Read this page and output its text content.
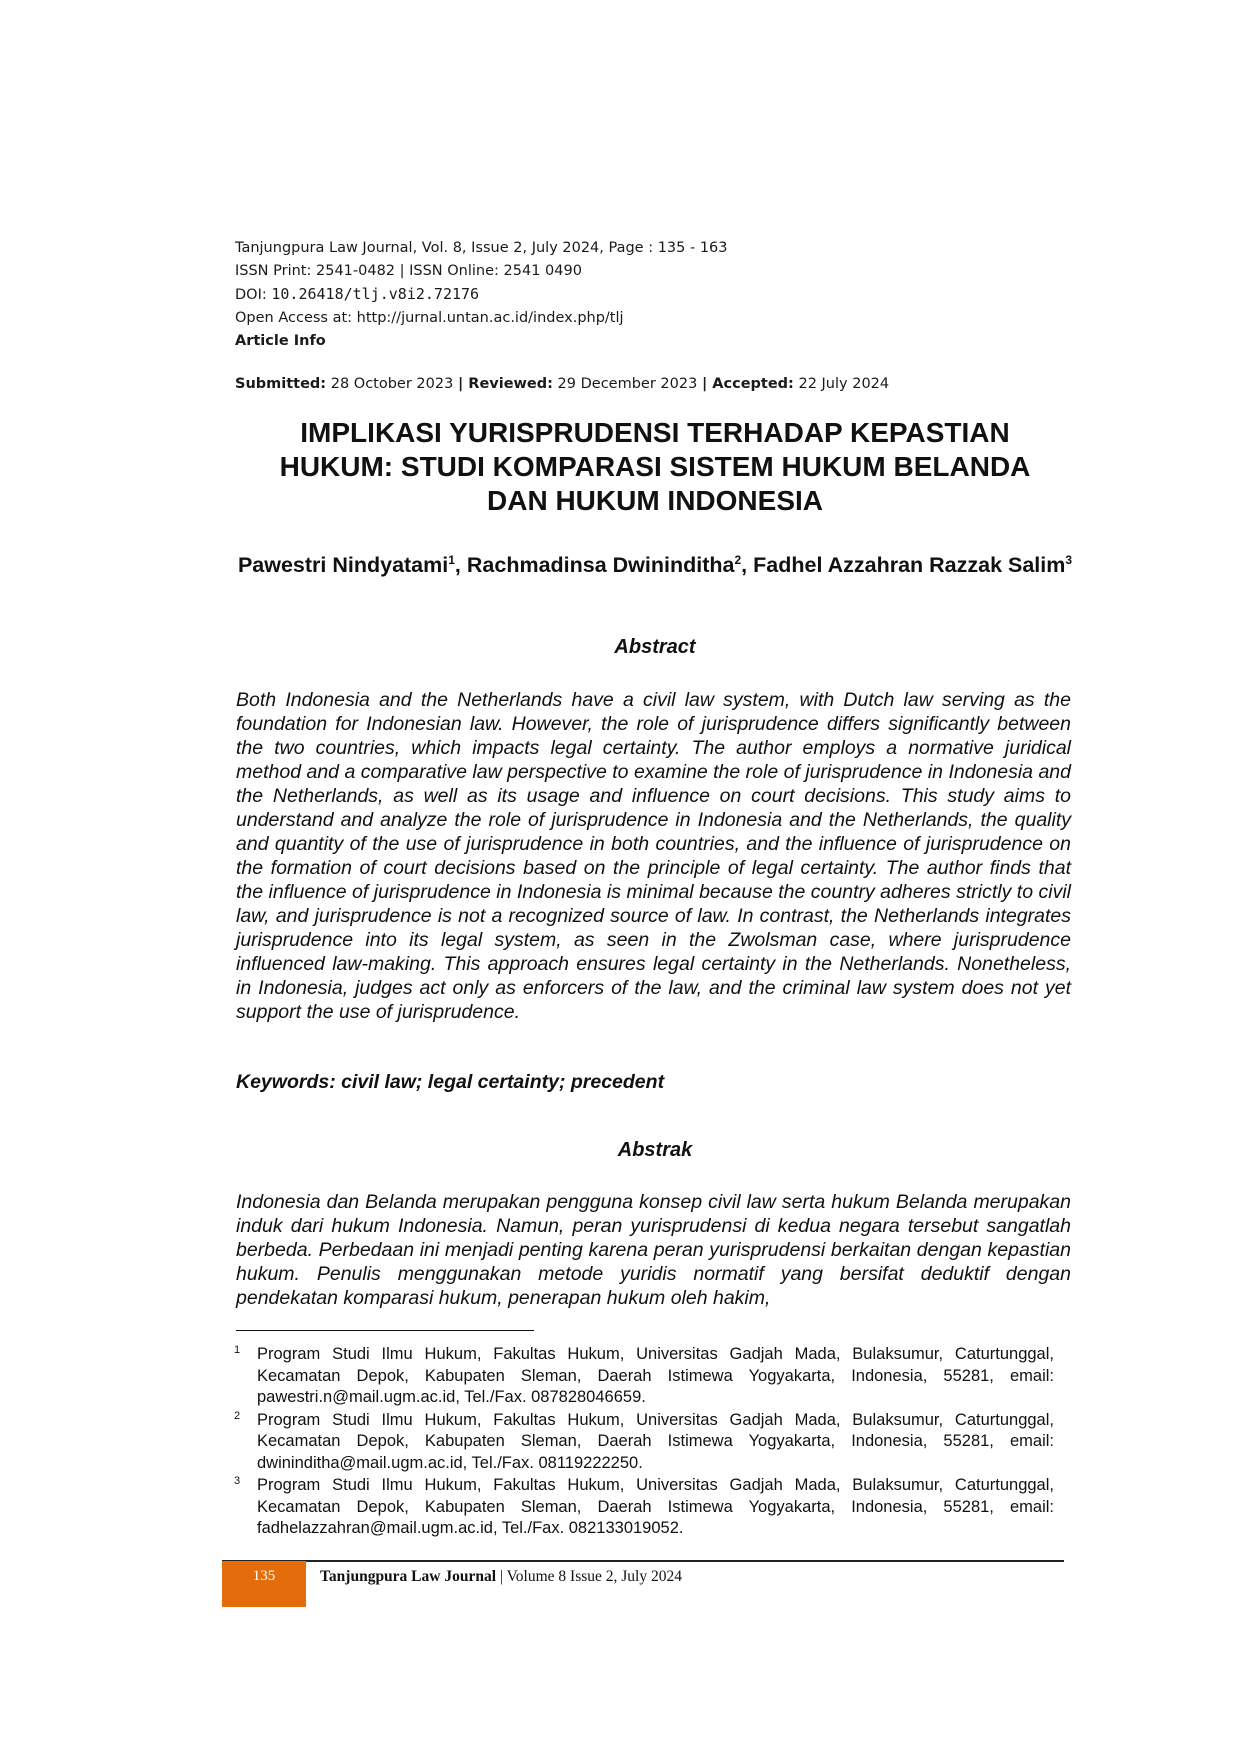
Tanjungpura Law Journal, Vol. 8, Issue 2, July 2024, Page : 135 - 163
ISSN Print: 2541-0482 | ISSN Online: 2541 0490
DOI: 10.26418/tlj.v8i2.72176
Open Access at: http://jurnal.untan.ac.id/index.php/tlj
Article Info
Submitted: 28 October 2023 | Reviewed: 29 December 2023 | Accepted: 22 July 2024
IMPLIKASI YURISPRUDENSI TERHADAP KEPASTIAN
HUKUM: STUDI KOMPARASI SISTEM HUKUM BELANDA
DAN HUKUM INDONESIA
Pawestri Nindyatami$^1$, Rachmadinsa Dwininditha$^2$, Fadhel Azzahran Razzak Salim$^3$
Abstract
Both Indonesia and the Netherlands have a civil law system, with Dutch law serving as the foundation for Indonesian law. However, the role of jurisprudence differs significantly between the two countries, which impacts legal certainty. The author employs a normative juridical method and a comparative law perspective to examine the role of jurisprudence in Indonesia and the Netherlands, as well as its usage and influence on court decisions. This study aims to understand and analyze the role of jurisprudence in Indonesia and the Netherlands, the quality and quantity of the use of jurisprudence in both countries, and the influence of jurisprudence on the formation of court decisions based on the principle of legal certainty. The author finds that the influence of jurisprudence in Indonesia is minimal because the country adheres strictly to civil law, and jurisprudence is not a recognized source of law. In contrast, the Netherlands integrates jurisprudence into its legal system, as seen in the Zwolsman case, where jurisprudence influenced law-making. This approach ensures legal certainty in the Netherlands. Nonetheless, in Indonesia, judges act only as enforcers of the law, and the criminal law system does not yet support the use of jurisprudence.
Keywords: civil law; legal certainty; precedent
Abstrak
Indonesia dan Belanda merupakan pengguna konsep civil law serta hukum Belanda merupakan induk dari hukum Indonesia. Namun, peran yurisprudensi di kedua negara tersebut sangatlah berbeda. Perbedaan ini menjadi penting karena peran yurisprudensi berkaitan dengan kepastian hukum. Penulis menggunakan metode yuridis normatif yang bersifat deduktif dengan pendekatan komparasi hukum, penerapan hukum oleh hakim,
1 Program Studi Ilmu Hukum, Fakultas Hukum, Universitas Gadjah Mada, Bulaksumur, Caturtunggal, Kecamatan Depok, Kabupaten Sleman, Daerah Istimewa Yogyakarta, Indonesia, 55281, email: pawestri.n@mail.ugm.ac.id, Tel./Fax. 087828046659.
2 Program Studi Ilmu Hukum, Fakultas Hukum, Universitas Gadjah Mada, Bulaksumur, Caturtunggal, Kecamatan Depok, Kabupaten Sleman, Daerah Istimewa Yogyakarta, Indonesia, 55281, email: dwininditha@mail.ugm.ac.id, Tel./Fax. 08119222250.
3 Program Studi Ilmu Hukum, Fakultas Hukum, Universitas Gadjah Mada, Bulaksumur, Caturtunggal, Kecamatan Depok, Kabupaten Sleman, Daerah Istimewa Yogyakarta, Indonesia, 55281, email: fadhelazzahran@mail.ugm.ac.id, Tel./Fax. 082133019052.
135	Tanjungpura Law Journal | Volume 8 Issue 2, July 2024
